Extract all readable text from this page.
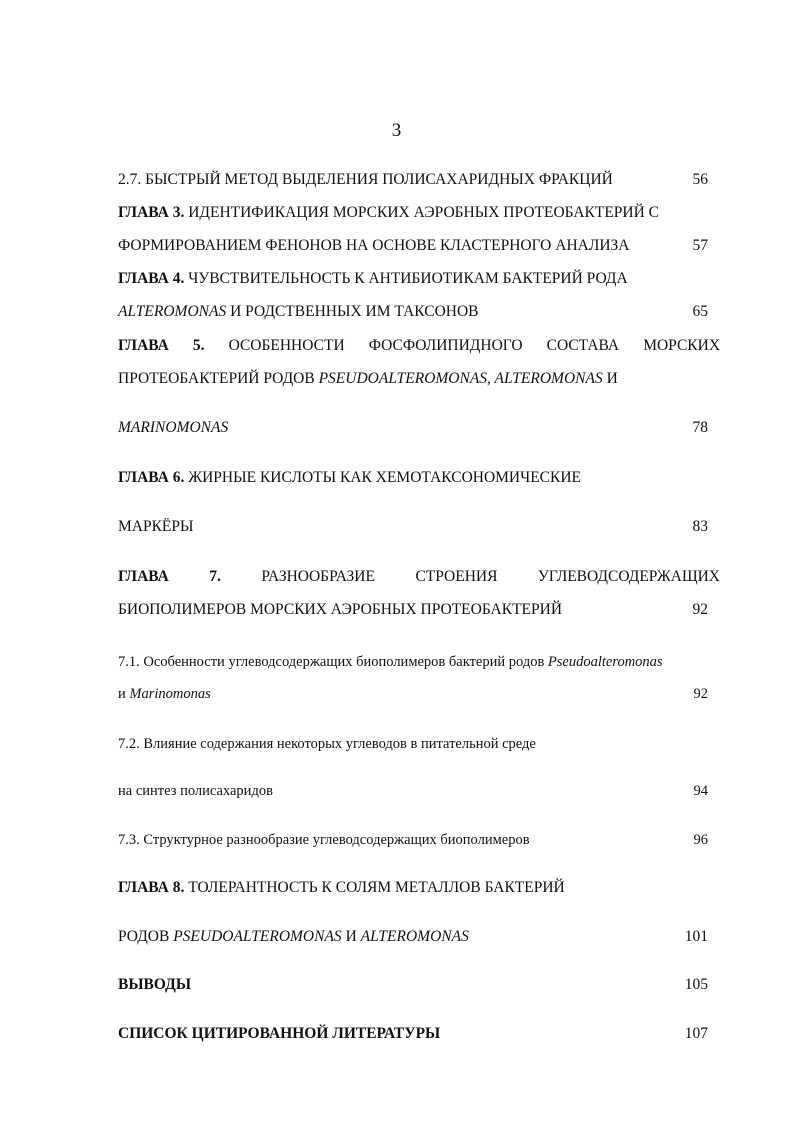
3
2.7. БЫСТРЫЙ МЕТОД ВЫДЕЛЕНИЯ ПОЛИСАХАРИДНЫХ ФРАКЦИЙ	56
ГЛАВА 3. ИДЕНТИФИКАЦИЯ МОРСКИХ АЭРОБНЫХ ПРОТЕОБАКТЕРИЙ С
ФОРМИРОВАНИЕМ ФЕНОНОВ НА ОСНОВЕ КЛАСТЕРНОГО АНАЛИЗА	57
ГЛАВА 4. ЧУВСТВИТЕЛЬНОСТЬ К АНТИБИОТИКАМ БАКТЕРИЙ РОДА
ALTEROMONAS И РОДСТВЕННЫХ ИМ ТАКСОНОВ	65
ГЛАВА 5. ОСОБЕННОСТИ ФОСФОЛИПИДНОГО СОСТАВА МОРСКИХ
ПРОТЕОБАКТЕРИЙ РОДОВ PSEUDOALTEROMONAS, ALTEROMONAS И
MARINOMONAS	78
ГЛАВА 6. ЖИРНЫЕ КИСЛОТЫ КАК ХЕМОТАКСОНОМИЧЕСКИЕ
МАРКЁРЫ	83
ГЛАВА	7.	РАЗНООБРАЗИЕ	СТРОЕНИЯ	УГЛЕВОДСОДЕРЖАЩИХ
БИОПОЛИМЕРОВ МОРСКИХ АЭРОБНЫХ ПРОТЕОБАКТЕРИЙ	92
7.1. Особенности углеводсодержащих биополимеров бактерий родов Pseudoalteromonas
и Marinomonas	92
7.2. Влияние содержания некоторых углеводов в питательной среде
на синтез полисахаридов	94
7.3. Структурное разнообразие углеводсодержащих биополимеров	96
ГЛАВА 8. ТОЛЕРАНТНОСТЬ К СОЛЯМ МЕТАЛЛОВ БАКТЕРИЙ
РОДОВ PSEUDOALTEROMONAS И ALTEROMONAS	101
ВЫВОДЫ	105
СПИСОК ЦИТИРОВАННОЙ ЛИТЕРАТУРЫ	107
